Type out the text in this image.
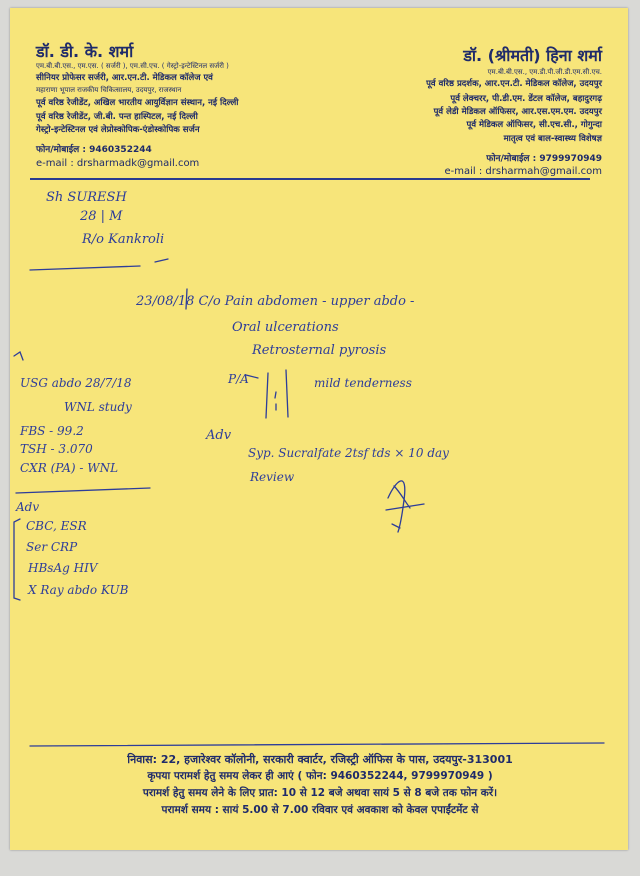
डॉ. डी. के. शर्मा
एम.बी.बी.एस., एम.एस. ( सर्जरी ), एम.सी.एच. ( गेस्ट्रो-इन्टेस्टिनल सर्जरी )
सीनियर प्रोफेसर सर्जरी, आर.एन.टी. मेडिकल कॉलेज एवं
महाराणा भूपाल राजकीय चिकित्सालय, उदयपुर, राजस्थान
पूर्व वरिष्ठ रेजीडेंट, अखिल भारतीय आयुर्विज्ञान संस्थान, नई दिल्ली
पूर्व वरिष्ठ रेजीडेंट, जी.बी. पन्त हास्पिटल, नई दिल्ली
गेस्ट्रो-इन्टेस्टिनल एवं लेप्रोस्कोपिक-एंडोस्कोपिक सर्जन
फोन/मोबाईल : 9460352244
e-mail : drsharmadk@gmail.com
डॉ. (श्रीमती) हिना शर्मा
एम.बी.बी.एस., एम.डी.पी.जी.डी.एम.सी.एच.
पूर्व वरिष्ठ प्रदर्शक, आर.एन.टी. मेडिकल कॉलेज, उदयपुर
पूर्व लेक्चरर, पी.डी.एम. डेंटल कॉलेज, बहादुरगढ़
पूर्व लेडी मेडिकल ऑफिसर, आर.एस.एम.एम. उदयपुर
पूर्व मेडिकल ऑफिसर, सी.एच.सी., गोगुन्दा
मातृत्व एवं बाल-स्वास्थ्य विशेषज्ञ
फोन/मोबाईल : 9799970949
e-mail : drsharmah@gmail.com
Sh SURESH
28 | M
R/o Kankroli
23/08/18 C/o Pain abdomen - upper abdo -
Oral ulcerations
Retrosternal pyrosis
P/A	mild tenderness
Adv
Syp. Sucralfate 2tsf tds × 10 day
Review
USG abdo 28/7/18
WNL study
FBS - 99.2
TSH - 3.070
CXR (PA) - WNL
Adv
CBC, ESR
Ser CRP
HBsAg HIV
X Ray abdo KUB
निवास: 22, हजारेश्वर कॉलोनी, सरकारी क्वार्टर, रजिस्ट्री ऑफिस के पास, उदयपुर-313001
कृपया परामर्श हेतु समय लेकर ही आएं ( फोन: 9460352244, 9799970949 )
परामर्श हेतु समय लेने के लिए प्रात: 10 से 12 बजे अथवा सायं 5 से 8 बजे तक फोन करें।
परामर्श समय : सायं 5.00 से 7.00 रविवार एवं अवकाश को केवल एपाईंटमेंट से
